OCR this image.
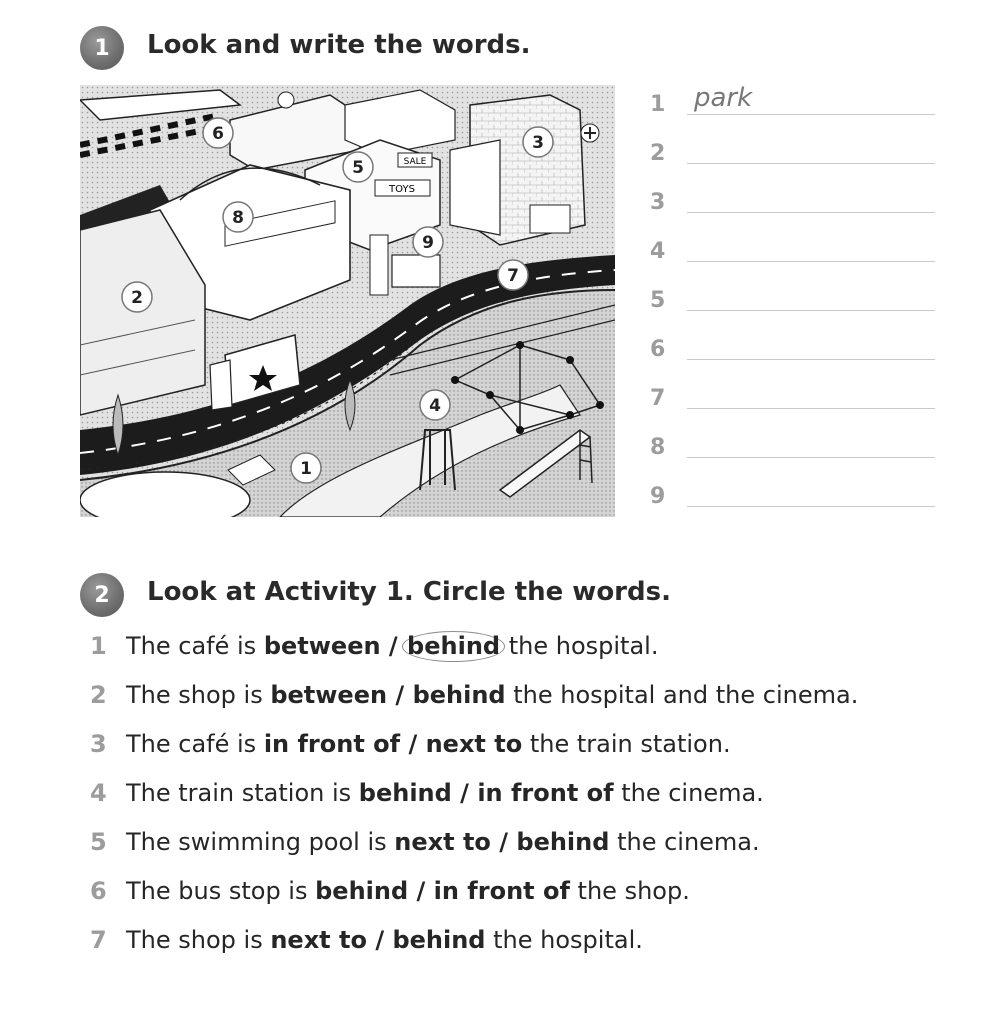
1 Look and write the words.
SALE
TOYS
1
2
3
4
5
6
7
8
9
1 park
2
3
4
5
6
7
8
9
2 Look at Activity 1. Circle the words.
1 The café is between / behind the hospital.
2 The shop is between / behind the hospital and the cinema.
3 The café is in front of / next to the train station.
4 The train station is behind / in front of the cinema.
5 The swimming pool is next to / behind the cinema.
6 The bus stop is behind / in front of the shop.
7 The shop is next to / behind the hospital.
